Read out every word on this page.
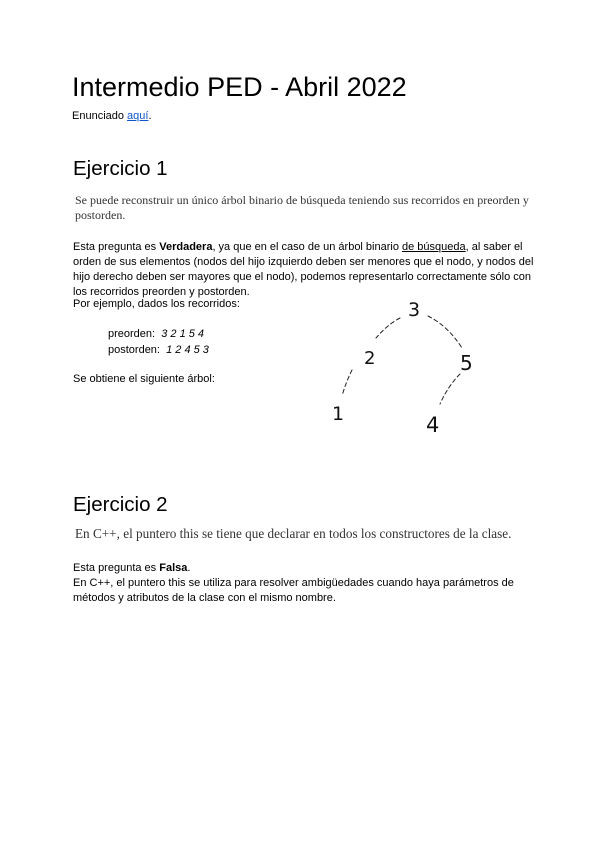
Intermedio PED - Abril 2022
Enunciado aquí.
Ejercicio 1
Se puede reconstruir un único árbol binario de búsqueda teniendo sus recorridos en preorden y
postorden.
Esta pregunta es Verdadera, ya que en el caso de un árbol binario de búsqueda, al saber el orden de sus elementos (nodos del hijo izquierdo deben ser menores que el nodo, y nodos del hijo derecho deben ser mayores que el nodo), podemos representarlo correctamente sólo con los recorridos preorden y postorden.
Por ejemplo, dados los recorridos:
preorden: 3 2 1 5 4
postorden: 1 2 4 5 3
Se obtiene el siguiente árbol:
3
2	5
1	4
Ejercicio 2
En C++, el puntero this se tiene que declarar en todos los constructores de la clase.
Esta pregunta es Falsa.
En C++, el puntero this se utiliza para resolver ambigüedades cuando haya parámetros de métodos y atributos de la clase con el mismo nombre.
